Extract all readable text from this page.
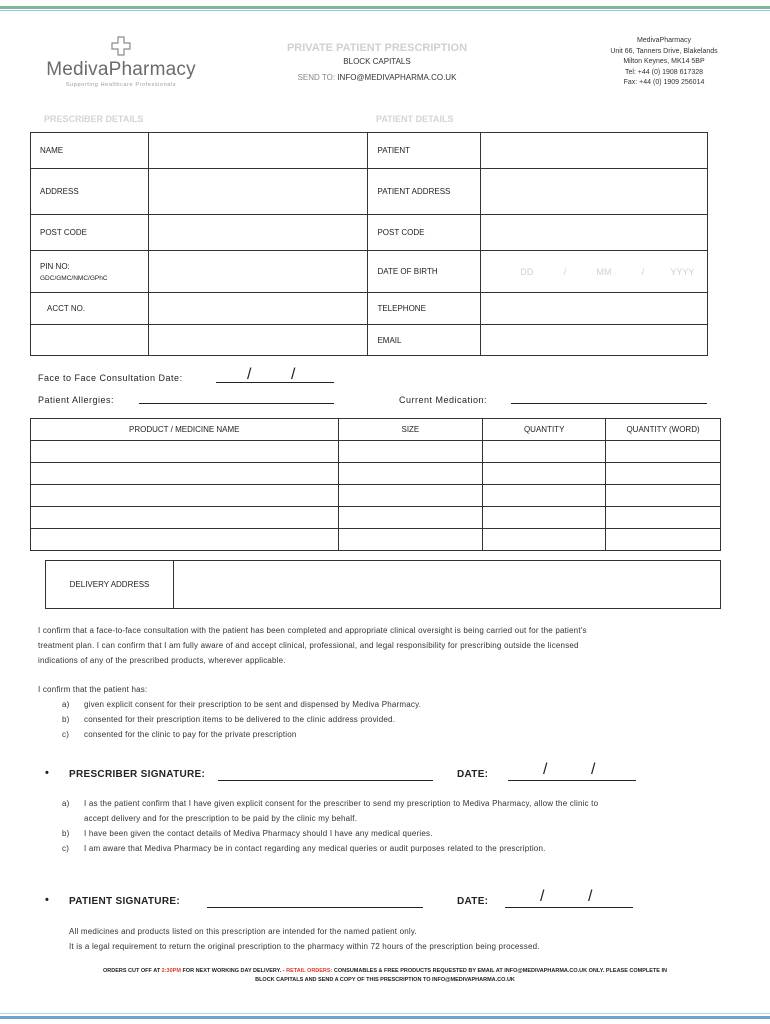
MedivaPharmacy
Supporting Healthcare Professionals
PRIVATE PATIENT PRESCRIPTION
BLOCK CAPITALS
SEND TO: INFO@MEDIVAPHARMA.CO.UK
MedivaPharmacy
Unit 66, Tanners Drive, Blakelands
Milton Keynes, MK14 5BP
Tel: +44 (0) 1908 617328
Fax: +44 (0) 1909 256014
PRESCRIBER DETAILS	PATIENT DETAILS
NAME		PATIENT	
ADDRESS		PATIENT ADDRESS	
POST CODE		POST CODE	

PIN NO:
GDC/GMC/NMC/GPhC		DATE OF BIRTH	DD / MM / YYYY
ACCT NO.		TELEPHONE	
		EMAIL	
Face to Face Consultation Date:	/ /
Patient Allergies:	Current Medication:
PRODUCT / MEDICINE NAME	SIZE	QUANTITY	QUANTITY (WORD)

DELIVERY ADDRESS
I confirm that a face-to-face consultation with the patient has been completed and appropriate clinical oversight is being carried out for the patient's
treatment plan. I can confirm that I am fully aware of and accept clinical, professional, and legal responsibility for prescribing outside the licensed
indications of any of the prescribed products, wherever applicable.
I confirm that the patient has:
a) given explicit consent for their prescription to be sent and dispensed by Mediva Pharmacy.
b) consented for their prescription items to be delivered to the clinic address provided.
c) consented for the clinic to pay for the private prescription
• PRESCRIBER SIGNATURE:	DATE:	/	/
a) I as the patient confirm that I have given explicit consent for the prescriber to send my prescription to Mediva Pharmacy, allow the clinic to
accept delivery and for the prescription to be paid by the clinic my behalf.
b) I have been given the contact details of Mediva Pharmacy should I have any medical queries.
c) I am aware that Mediva Pharmacy be in contact regarding any medical queries or audit purposes related to the prescription.
• PATIENT SIGNATURE:	DATE:	/	/
All medicines and products listed on this prescription are intended for the named patient only.
It is a legal requirement to return the original prescription to the pharmacy within 72 hours of the prescription being processed.
ORDERS CUT OFF AT 2:30PM FOR NEXT WORKING DAY DELIVERY. - RETAIL ORDERS: CONSUMABLES & FREE PRODUCTS REQUESTED BY EMAIL AT INFO@MEDIVAPHARMA.CO.UK ONLY. PLEASE COMPLETE IN
BLOCK CAPITALS AND SEND A COPY OF THIS PRESCRIPTION TO INFO@MEDIVAPHARMA.CO.UK
